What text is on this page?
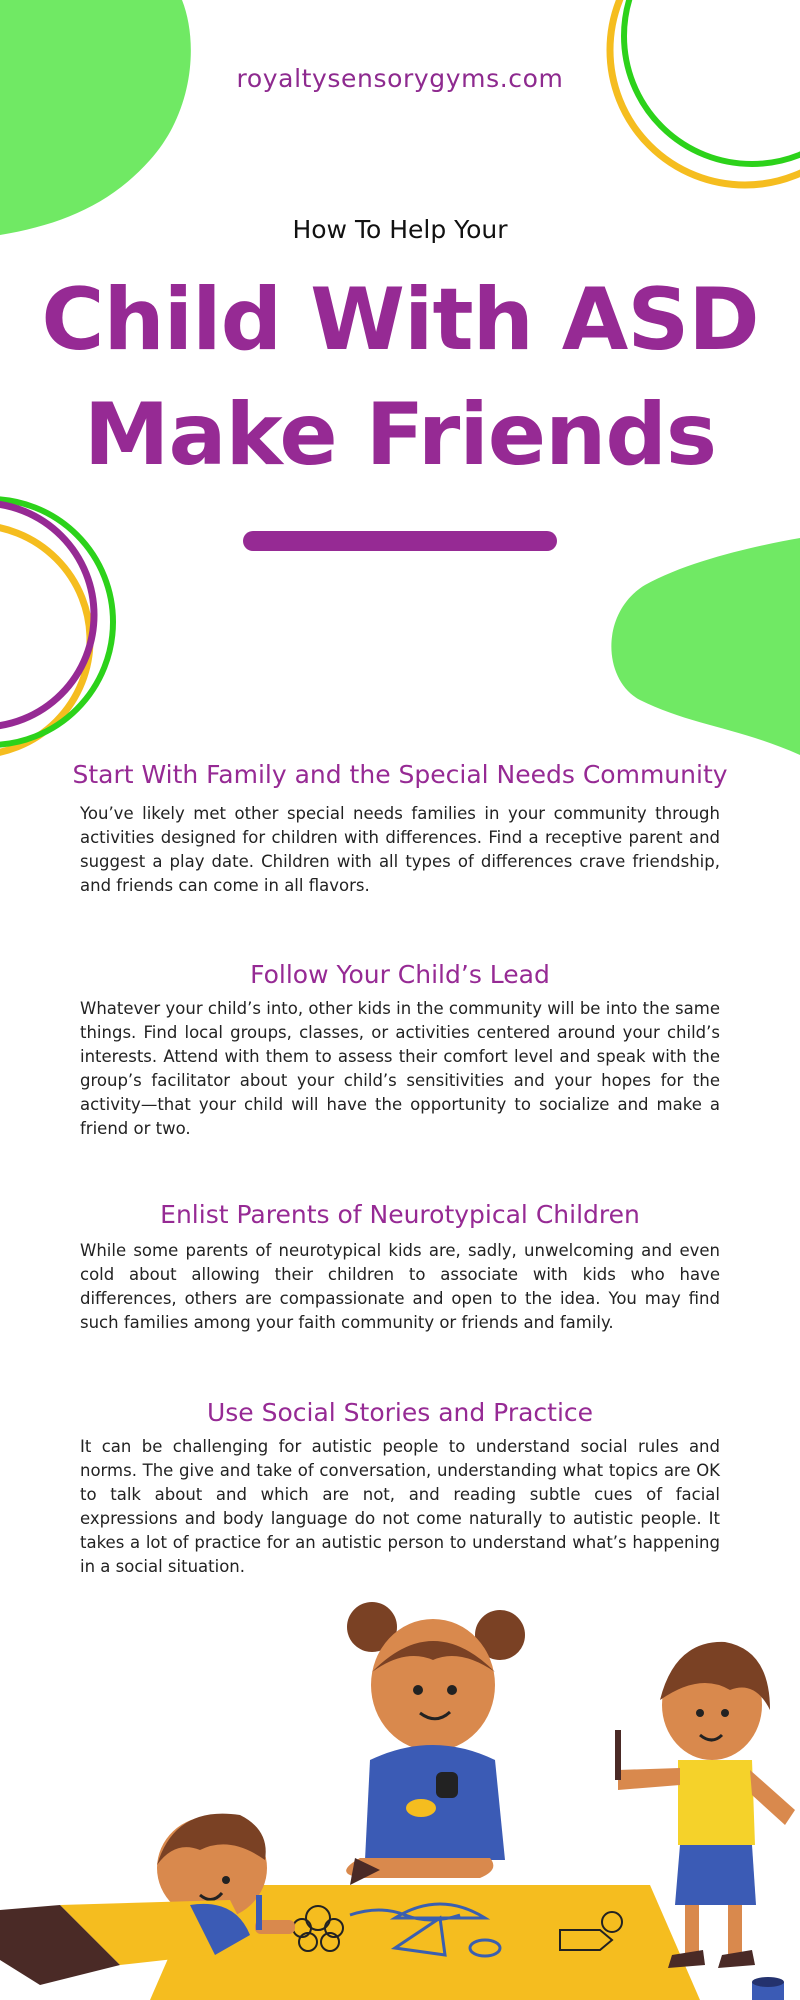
royaltysensorygyms.com
How To Help Your
Child With ASD
Make Friends
Start With Family and the Special Needs Community
You’ve likely met other special needs families in your community through activities designed for children with differences. Find a receptive parent and suggest a play date. Children with all types of differences crave friendship, and friends can come in all flavors.
Follow Your Child’s Lead
Whatever your child’s into, other kids in the community will be into the same things. Find local groups, classes, or activities centered around your child’s interests. Attend with them to assess their comfort level and speak with the group’s facilitator about your child’s sensitivities and your hopes for the activity—that your child will have the opportunity to socialize and make a friend or two.
Enlist Parents of Neurotypical Children
While some parents of neurotypical kids are, sadly, unwelcoming and even cold about allowing their children to associate with kids who have differences, others are compassionate and open to the idea. You may find such families among your faith community or friends and family.
Use Social Stories and Practice
It can be challenging for autistic people to understand social rules and norms. The give and take of conversation, understanding what topics are OK to talk about and which are not, and reading subtle cues of facial expressions and body language do not come naturally to autistic people. It takes a lot of practice for an autistic person to understand what’s happening in a social situation.
